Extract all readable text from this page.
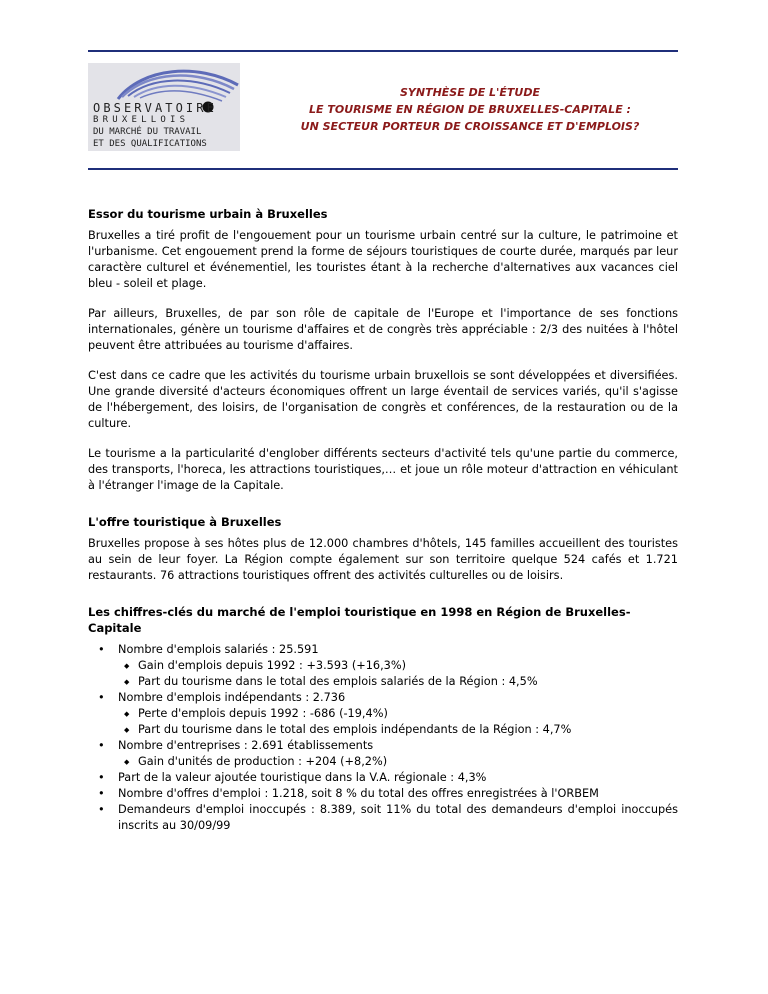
OBSERVATOIRE
BRUXELLOIS
DU MARCHÉ DU TRAVAIL
ET DES QUALIFICATIONS
SYNTHÈSE DE L'ÉTUDE
LE TOURISME EN RÉGION DE BRUXELLES-CAPITALE :
UN SECTEUR PORTEUR DE CROISSANCE ET D'EMPLOIS?
Essor du tourisme urbain à Bruxelles

Bruxelles a tiré profit de l'engouement pour un tourisme urbain centré sur la culture, le patrimoine et l'urbanisme. Cet engouement prend la forme de séjours touristiques de courte durée, marqués par leur caractère culturel et événementiel, les touristes étant à la recherche d'alternatives aux vacances ciel bleu - soleil et plage.

Par ailleurs, Bruxelles, de par son rôle de capitale de l'Europe et l'importance de ses fonctions internationales, génère un tourisme d'affaires et de congrès très appréciable : 2/3 des nuitées à l'hôtel peuvent être attribuées au tourisme d'affaires.

C'est dans ce cadre que les activités du tourisme urbain bruxellois se sont développées et diversifiées. Une grande diversité d'acteurs économiques offrent un large éventail de services variés, qu'il s'agisse de l'hébergement, des loisirs, de l'organisation de congrès et conférences, de la restauration ou de la culture.

Le tourisme a la particularité d'englober différents secteurs d'activité tels qu'une partie du commerce, des transports, l'horeca, les attractions touristiques,… et joue un rôle moteur d'attraction en véhiculant à l'étranger l'image de la Capitale.

L'offre touristique à Bruxelles

Bruxelles propose à ses hôtes plus de 12.000 chambres d'hôtels, 145 familles accueillent des touristes au sein de leur foyer. La Région compte également sur son territoire quelque 524 cafés et 1.721 restaurants. 76 attractions touristiques offrent des activités culturelles ou de loisirs.

Les chiffres-clés du marché de l'emploi touristique en 1998 en Région de Bruxelles-Capitale
• Nombre d'emplois salariés : 25.591
◆ Gain d'emplois depuis 1992 : +3.593 (+16,3%)
◆ Part du tourisme dans le total des emplois salariés de la Région : 4,5%
• Nombre d'emplois indépendants : 2.736
◆ Perte d'emplois depuis 1992 : -686 (-19,4%)
◆ Part du tourisme dans le total des emplois indépendants de la Région : 4,7%
• Nombre d'entreprises : 2.691 établissements
◆ Gain d'unités de production : +204 (+8,2%)
• Part de la valeur ajoutée touristique dans la V.A. régionale : 4,3%
• Nombre d'offres d'emploi : 1.218, soit 8 % du total des offres enregistrées à l'ORBEM
• Demandeurs d'emploi inoccupés : 8.389, soit 11% du total des demandeurs d'emploi inoccupés inscrits au 30/09/99
